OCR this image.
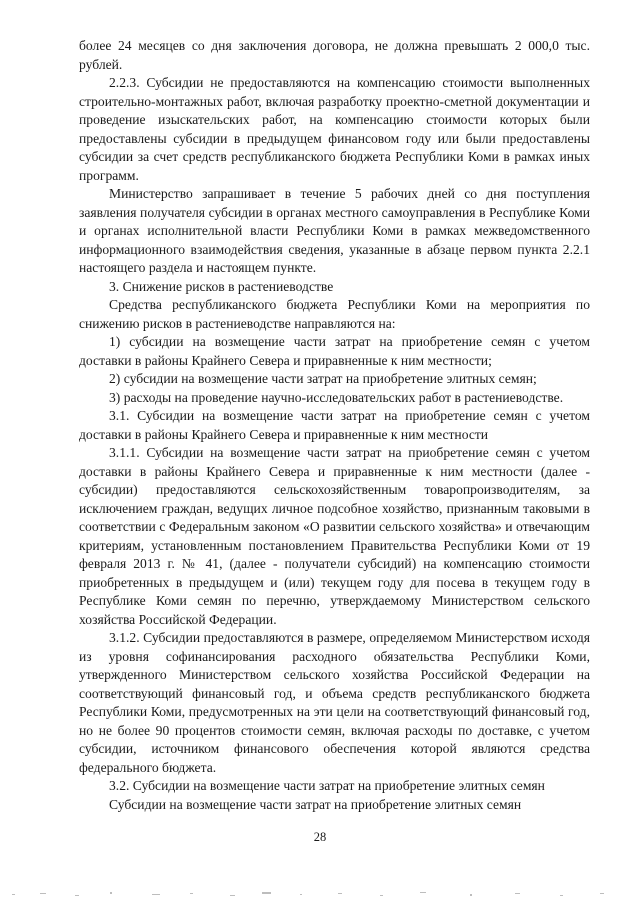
более 24 месяцев со дня заключения договора, не должна превышать 2 000,0 тыс. рублей.

2.2.3. Субсидии не предоставляются на компенсацию стоимости выполненных строительно-монтажных работ, включая разработку проектно-сметной документации и проведение изыскательских работ, на компенсацию стоимости которых были предоставлены субсидии в предыдущем финансовом году или были предоставлены субсидии за счет средств республиканского бюджета Республики Коми в рамках иных программ.

Министерство запрашивает в течение 5 рабочих дней со дня поступления заявления получателя субсидии в органах местного самоуправления в Республике Коми и органах исполнительной власти Республики Коми в рамках межведомственного информационного взаимодействия сведения, указанные в абзаце первом пункта 2.2.1 настоящего раздела и настоящем пункте.

3. Снижение рисков в растениеводстве

Средства республиканского бюджета Республики Коми на мероприятия по снижению рисков в растениеводстве направляются на:

1) субсидии на возмещение части затрат на приобретение семян с учетом доставки в районы Крайнего Севера и приравненные к ним местности;

2) субсидии на возмещение части затрат на приобретение элитных семян;

3) расходы на проведение научно-исследовательских работ в растениеводстве.

3.1. Субсидии на возмещение части затрат на приобретение семян с учетом доставки в районы Крайнего Севера и приравненные к ним местности

3.1.1. Субсидии на возмещение части затрат на приобретение семян с учетом доставки в районы Крайнего Севера и приравненные к ним местности (далее - субсидии) предоставляются сельскохозяйственным товаропроизводителям, за исключением граждан, ведущих личное подсобное хозяйство, признанным таковыми в соответствии с Федеральным законом «О развитии сельского хозяйства» и отвечающим критериям, установленным постановлением Правительства Республики Коми от 19 февраля 2013 г. № 41, (далее - получатели субсидий) на компенсацию стоимости приобретенных в предыдущем и (или) текущем году для посева в текущем году в Республике Коми семян по перечню, утверждаемому Министерством сельского хозяйства Российской Федерации.

3.1.2. Субсидии предоставляются в размере, определяемом Министерством исходя из уровня софинансирования расходного обязательства Республики Коми, утвержденного Министерством сельского хозяйства Российской Федерации на соответствующий финансовый год, и объема средств республиканского бюджета Республики Коми, предусмотренных на эти цели на соответствующий финансовый год, но не более 90 процентов стоимости семян, включая расходы по доставке, с учетом субсидии, источником финансового обеспечения которой являются средства федерального бюджета.

3.2. Субсидии на возмещение части затрат на приобретение элитных семян

Субсидии на возмещение части затрат на приобретение элитных семян

28
